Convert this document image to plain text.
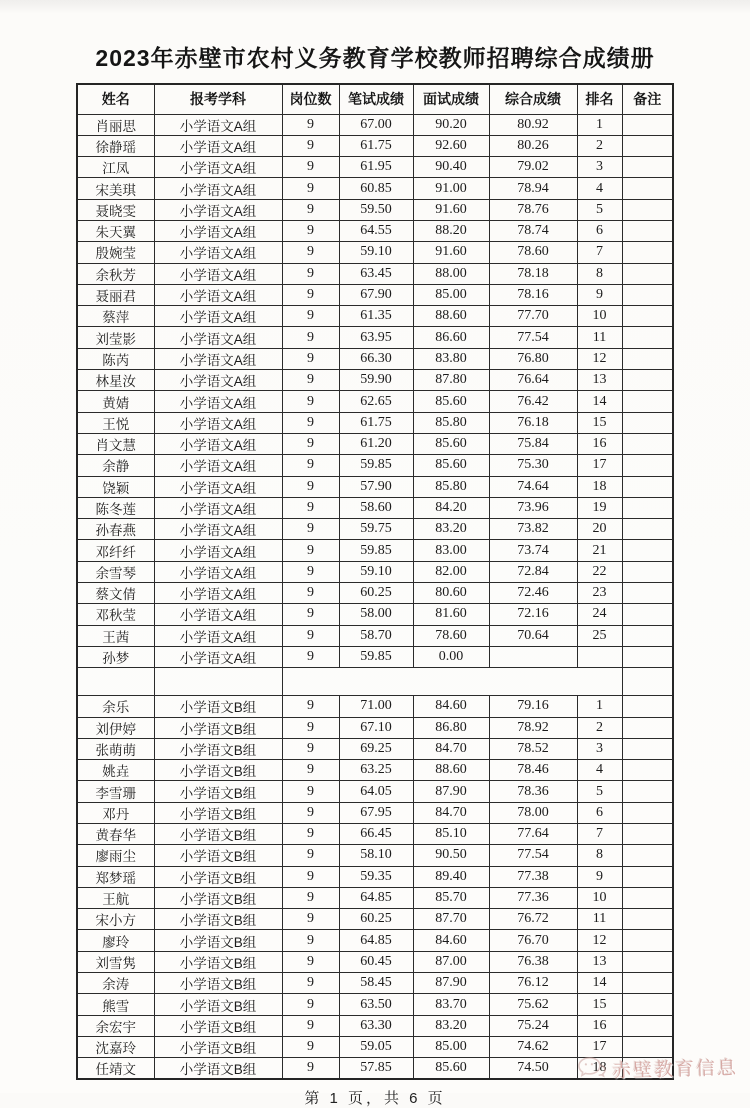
2023年赤壁市农村义务教育学校教师招聘综合成绩册
姓名	报考学科	岗位数	笔试成绩	面试成绩	综合成绩	排名	备注
肖丽思	小学语文A组	9	67.00	90.20	80.92	1	
徐静瑶	小学语文A组	9	61.75	92.60	80.26	2	
江凤	小学语文A组	9	61.95	90.40	79.02	3	
宋美琪	小学语文A组	9	60.85	91.00	78.94	4	
聂晓雯	小学语文A组	9	59.50	91.60	78.76	5	
朱天翼	小学语文A组	9	64.55	88.20	78.74	6	
殷婉莹	小学语文A组	9	59.10	91.60	78.60	7	
余秋芳	小学语文A组	9	63.45	88.00	78.18	8	
聂丽君	小学语文A组	9	67.90	85.00	78.16	9	
蔡萍	小学语文A组	9	61.35	88.60	77.70	10	
刘莹影	小学语文A组	9	63.95	86.60	77.54	11	
陈芮	小学语文A组	9	66.30	83.80	76.80	12	
林星汝	小学语文A组	9	59.90	87.80	76.64	13	
黄婧	小学语文A组	9	62.65	85.60	76.42	14	
王悦	小学语文A组	9	61.75	85.80	76.18	15	
肖文慧	小学语文A组	9	61.20	85.60	75.84	16	
余静	小学语文A组	9	59.85	85.60	75.30	17	
饶颖	小学语文A组	9	57.90	85.80	74.64	18	
陈冬莲	小学语文A组	9	58.60	84.20	73.96	19	
孙春燕	小学语文A组	9	59.75	83.20	73.82	20	
邓纤纤	小学语文A组	9	59.85	83.00	73.74	21	
余雪琴	小学语文A组	9	59.10	82.00	72.84	22	
蔡文倩	小学语文A组	9	60.25	80.60	72.46	23	
邓秋莹	小学语文A组	9	58.00	81.60	72.16	24	
王茜	小学语文A组	9	58.70	78.60	70.64	25	
孙梦	小学语文A组	9	59.85	0.00			

余乐	小学语文B组	9	71.00	84.60	79.16	1	
刘伊婷	小学语文B组	9	67.10	86.80	78.92	2	
张萌萌	小学语文B组	9	69.25	84.70	78.52	3	
姚垚	小学语文B组	9	63.25	88.60	78.46	4	
李雪珊	小学语文B组	9	64.05	87.90	78.36	5	
邓丹	小学语文B组	9	67.95	84.70	78.00	6	
黄春华	小学语文B组	9	66.45	85.10	77.64	7	
廖雨尘	小学语文B组	9	58.10	90.50	77.54	8	
郑梦瑶	小学语文B组	9	59.35	89.40	77.38	9	
王航	小学语文B组	9	64.85	85.70	77.36	10	
宋小方	小学语文B组	9	60.25	87.70	76.72	11	
廖玲	小学语文B组	9	64.85	84.60	76.70	12	
刘雪隽	小学语文B组	9	60.45	87.00	76.38	13	
余涛	小学语文B组	9	58.45	87.90	76.12	14	
熊雪	小学语文B组	9	63.50	83.70	75.62	15	
余宏宇	小学语文B组	9	63.30	83.20	75.24	16	
沈嘉玲	小学语文B组	9	59.05	85.00	74.62	17	
任靖文	小学语文B组	9	57.85	85.60	74.50	18	
第 1 页，共 6 页
赤壁教育信息
